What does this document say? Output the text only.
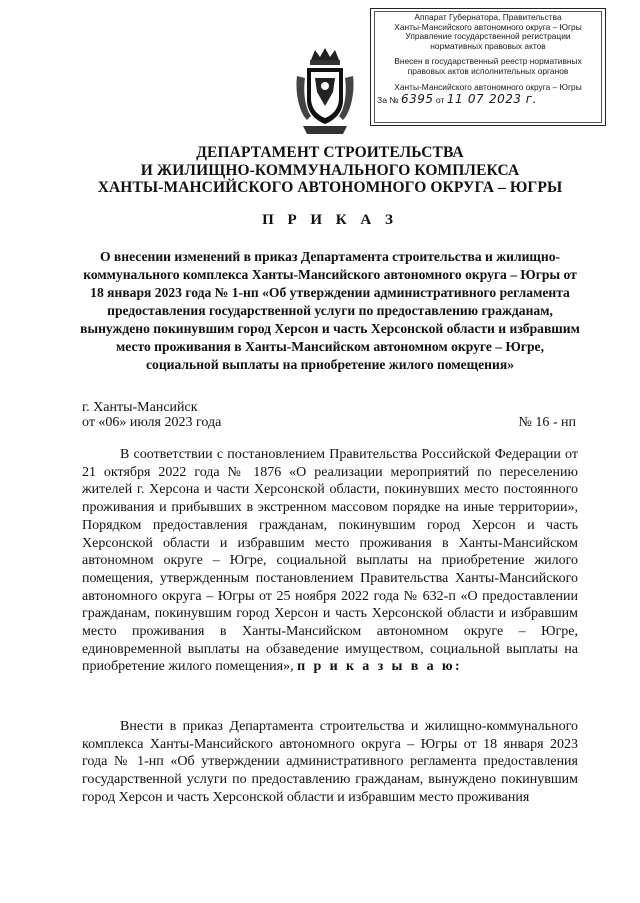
Аппарат Губернатора, Правительства
Ханты-Мансийского автономного округа – Югры
Управление государственной регистрации
нормативных правовых актов
Внесен в государственный реестр нормативных
правовых актов исполнительных органов
Ханты-Мансийского автономного округа – Югры
За № 6395 от 11 07 2023 г.
ДЕПАРТАМЕНТ СТРОИТЕЛЬСТВА
И ЖИЛИЩНО-КОММУНАЛЬНОГО КОМПЛЕКСА
ХАНТЫ-МАНСИЙСКОГО АВТОНОМНОГО ОКРУГА – ЮГРЫ
П Р И К А З
О внесении изменений в приказ Департамента строительства и жилищно-коммунального комплекса Ханты-Мансийского автономного округа – Югры от 18 января 2023 года № 1-нп «Об утверждении административного регламента предоставления государственной услуги по предоставлению гражданам, вынуждено покинувшим город Херсон и часть Херсонской области и избравшим место проживания в Ханты-Мансийском автономном округе – Югре, социальной выплаты на приобретение жилого помещения»
г. Ханты-Мансийск
от «06» июля 2023 года	№ 16 - нп
В соответствии с постановлением Правительства Российской Федерации от 21 октября 2022 года № 1876 «О реализации мероприятий по переселению жителей г. Херсона и части Херсонской области, покинувших место постоянного проживания и прибывших в экстренном массовом порядке на иные территории», Порядком предоставления гражданам, покинувшим город Херсон и часть Херсонской области и избравшим место проживания в Ханты-Мансийском автономном округе – Югре, социальной выплаты на приобретение жилого помещения, утвержденным постановлением Правительства Ханты-Мансийского автономного округа – Югры от 25 ноября 2022 года № 632-п «О предоставлении гражданам, покинувшим город Херсон и часть Херсонской области и избравшим место проживания в Ханты-Мансийском автономном округе – Югре, единовременной выплаты на обзаведение имуществом, социальной выплаты на приобретение жилого помещения», п р и к а з ы в а ю:
Внести в приказ Департамента строительства и жилищно-коммунального комплекса Ханты-Мансийского автономного округа – Югры от 18 января 2023 года № 1-нп «Об утверждении административного регламента предоставления государственной услуги по предоставлению гражданам, вынуждено покинувшим город Херсон и часть Херсонской области и избравшим место проживания
